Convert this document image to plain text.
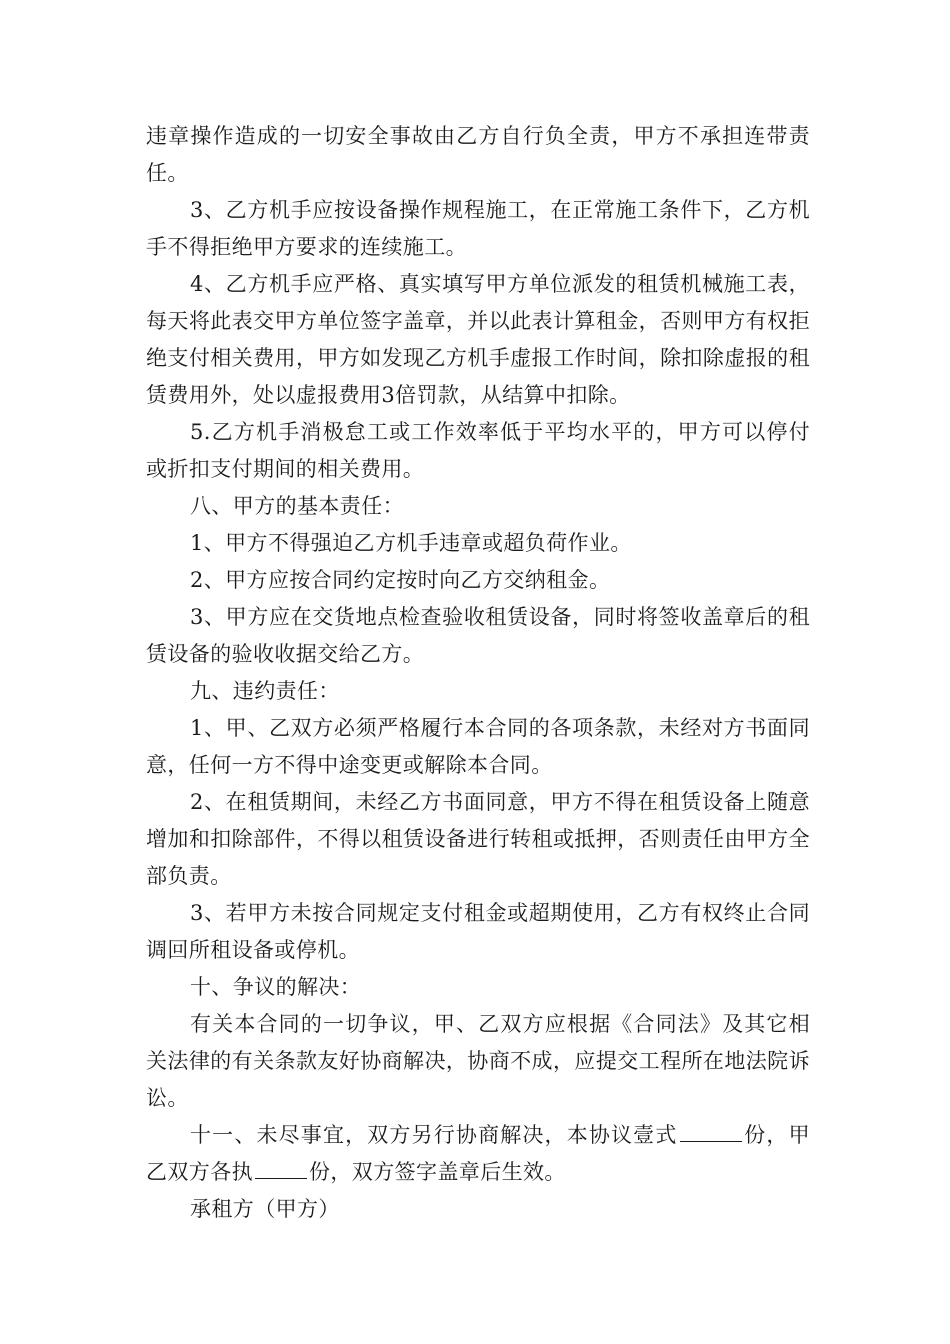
违章操作造成的一切安全事故由乙方自行负全责，甲方不承担连带责任。

3、乙方机手应按设备操作规程施工，在正常施工条件下，乙方机手不得拒绝甲方要求的连续施工。

4、乙方机手应严格、真实填写甲方单位派发的租赁机械施工表，每天将此表交甲方单位签字盖章，并以此表计算租金，否则甲方有权拒绝支付相关费用，甲方如发现乙方机手虚报工作时间，除扣除虚报的租赁费用外，处以虚报费用3倍罚款，从结算中扣除。

5.乙方机手消极怠工或工作效率低于平均水平的，甲方可以停付或折扣支付期间的相关费用。

八、甲方的基本责任：

1、甲方不得强迫乙方机手违章或超负荷作业。

2、甲方应按合同约定按时向乙方交纳租金。

3、甲方应在交货地点检查验收租赁设备，同时将签收盖章后的租赁设备的验收收据交给乙方。

九、违约责任：

1、甲、乙双方必须严格履行本合同的各项条款，未经对方书面同意，任何一方不得中途变更或解除本合同。

2、在租赁期间，未经乙方书面同意，甲方不得在租赁设备上随意增加和扣除部件，不得以租赁设备进行转租或抵押，否则责任由甲方全部负责。

3、若甲方未按合同规定支付租金或超期使用，乙方有权终止合同调回所租设备或停机。

十、争议的解决：

有关本合同的一切争议，甲、乙双方应根据《合同法》及其它相关法律的有关条款友好协商解决，协商不成，应提交工程所在地法院诉讼。

十一、未尽事宜，双方另行协商解决，本协议壹式	份，甲乙双方各执	份，双方签字盖章后生效。

承租方（甲方）
